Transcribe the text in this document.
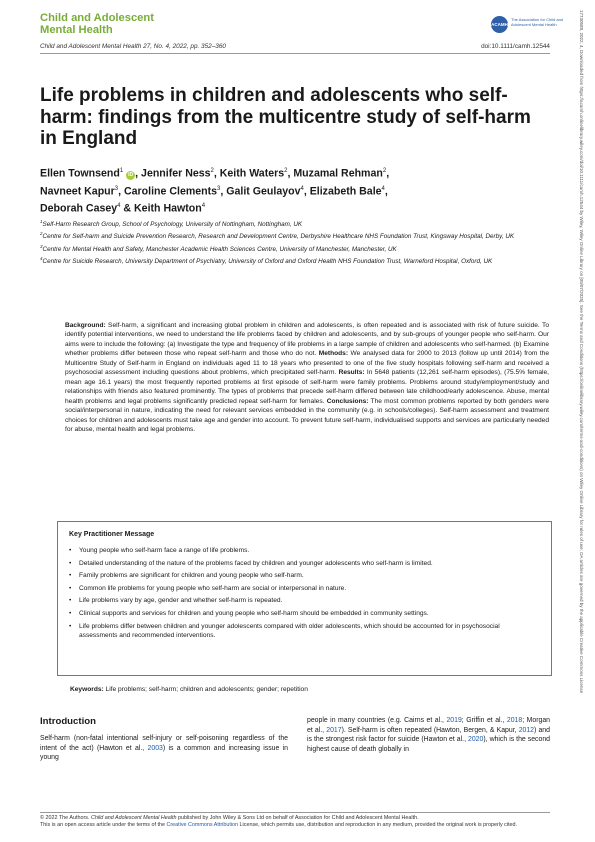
Child and Adolescent
Mental Health	ACAMH
The Association for Child and Adolescent Mental Health
Child and Adolescent Mental Health 27, No. 4, 2022, pp. 352–360	doi:10.1111/camh.12544	17730588, 2022, 4, Downloaded from https://acamh.onlinelibrary.wiley.com/doi/10.1111/camh.12544 by Wiley, Wiley Online Library on [09/07/2025]. See the Terms and Conditions (https://onlinelibrary.wiley.com/terms-and-conditions) on Wiley Online Library for rules of use; OA articles are governed by the applicable Creative Commons License
Life problems in children and adolescents who self-harm: findings from the multicentre study of self-harm in England
Ellen Townsend$^1$ iD , Jennifer Ness$^2$, Keith Waters$^2$, Muzamal Rehman$^2$,
Navneet Kapur$^3$, Caroline Clements$^3$, Galit Geulayov$^4$, Elizabeth Bale$^4$,
Deborah Casey$^4$ & Keith Hawton$^4$
$^1$Self-Harm Research Group, School of Psychology, University of Nottingham, Nottingham, UK
$^2$Centre for Self-harm and Suicide Prevention Research, Research and Development Centre, Derbyshire Healthcare NHS Foundation Trust, Kingsway Hospital, Derby, UK
$^3$Centre for Mental Health and Safety, Manchester Academic Health Sciences Centre, University of Manchester, Manchester, UK
$^4$Centre for Suicide Research, University Department of Psychiatry, University of Oxford and Oxford Health NHS Foundation Trust, Warneford Hospital, Oxford, UK
Background: Self-harm, a significant and increasing global problem in children and adolescents, is often repeated and is associated with risk of future suicide. To identify potential interventions, we need to understand the life problems faced by children and adolescents, and by sub-groups of younger people who self-harm. Our aims were to include the following: (a) Investigate the type and frequency of life problems in a large sample of children and adolescents who self-harmed. (b) Examine whether problems differ between those who repeat self-harm and those who do not. Methods: We analysed data for 2000 to 2013 (follow up until 2014) from the Multicentre Study of Self-harm in England on individuals aged 11 to 18 years who presented to one of the five study hospitals following self-harm and received a psychosocial assessment including questions about problems, which precipitated self-harm. Results: In 5648 patients (12,261 self-harm episodes), (75.5% female, mean age 16.1 years) the most frequently reported problems at first episode of self-harm were family problems. Problems around study/employment/study and relationships with friends also featured prominently. The types of problems that precede self-harm differed between late childhood/early adolescence. Abuse, mental health problems and legal problems significantly predicted repeat self-harm for females. Conclusions: The most common problems reported by both genders were social/interpersonal in nature, indicating the need for relevant services embedded in the community (e.g. in schools/colleges). Self-harm assessment and treatment choices for children and adolescents must take age and gender into account. To prevent future self-harm, individualised supports and services are particularly needed for abuse, mental health and legal problems.
Key Practitioner Message
• Young people who self-harm face a range of life problems.
• Detailed understanding of the nature of the problems faced by children and younger adolescents who self-harm is limited.
• Family problems are significant for children and young people who self-harm.
• Common life problems for young people who self-harm are social or interpersonal in nature.
• Life problems vary by age, gender and whether self-harm is repeated.
• Clinical supports and services for children and young people who self-harm should be embedded in community settings.
• Life problems differ between children and younger adolescents compared with older adolescents, which should be accounted for in psychosocial assessments and recommended interventions.
Keywords: Life problems; self-harm; children and adolescents; gender; repetition
Introduction

Self-harm (non-fatal intentional self-injury or self-poisoning regardless of the intent of the act) (Hawton et al., 2003) is a common and increasing issue in young

people in many countries (e.g. Cairns et al., 2019; Griffin et al., 2018; Morgan et al., 2017). Self-harm is often repeated (Hawton, Bergen, & Kapur, 2012) and is the strongest risk factor for suicide (Hawton et al., 2020), which is the second highest cause of death globally in

© 2022 The Authors. Child and Adolescent Mental Health published by John Wiley & Sons Ltd on behalf of Association for Child and Adolescent Mental Health.
This is an open access article under the terms of the Creative Commons Attribution License, which permits use, distribution and reproduction in any medium, provided the original work is properly cited.
